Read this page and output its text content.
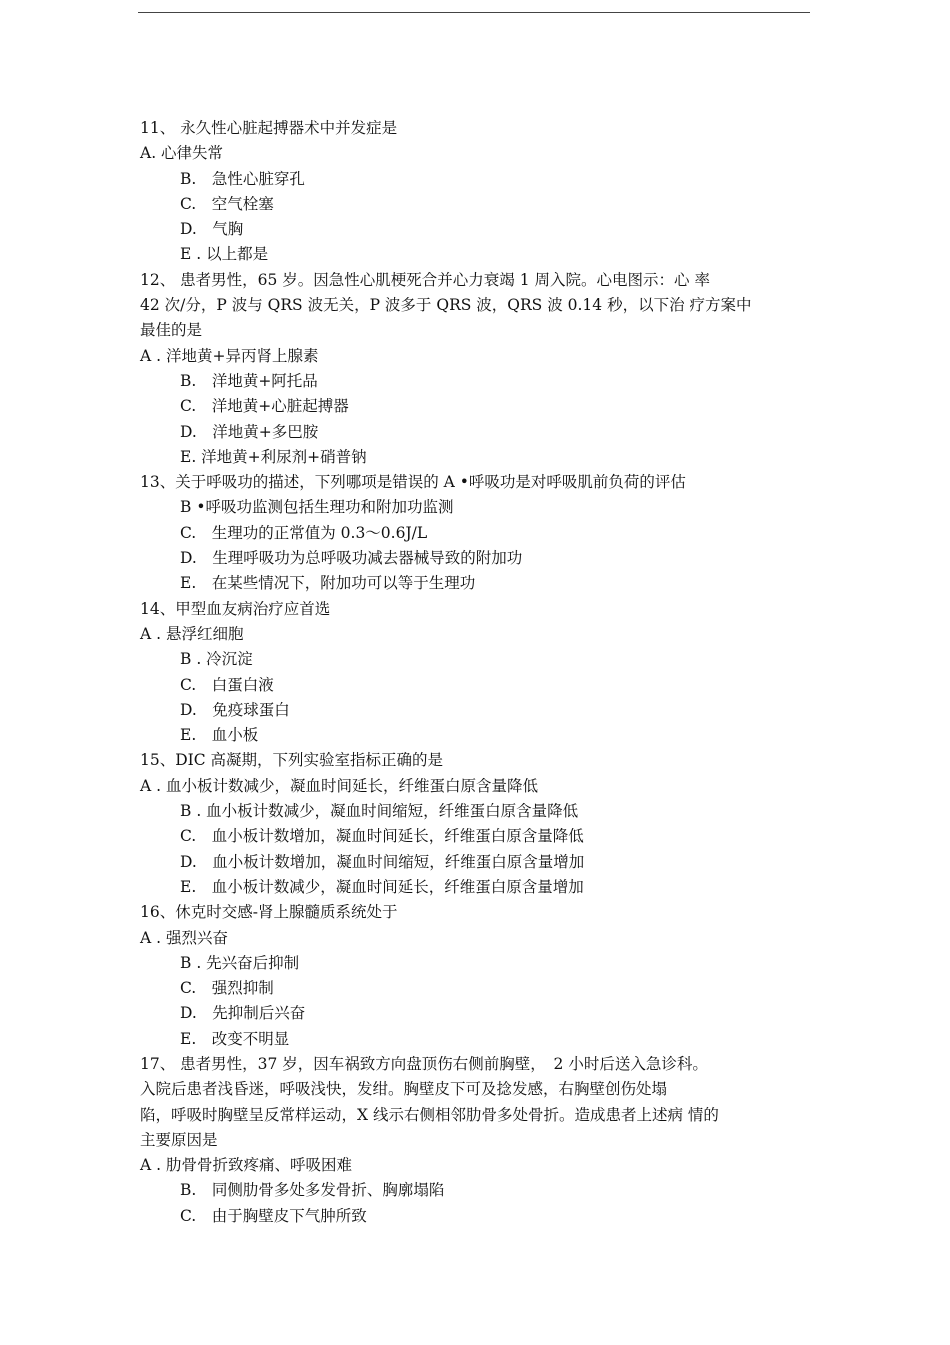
11、 永久性心脏起搏器术中并发症是
A. 心律失常
B.　急性心脏穿孔
C.　空气栓塞
D.　气胸
E . 以上都是
12、 患者男性，65 岁。因急性心肌梗死合并心力衰竭 1 周入院。心电图示：心 率
42 次/分，P 波与 QRS 波无关，P 波多于 QRS 波，QRS 波 0.14 秒，以下治 疗方案中
最佳的是
A . 洋地黄+异丙肾上腺素
B.　洋地黄+阿托品
C.　洋地黄+心脏起搏器
D.　洋地黄+多巴胺
E. 洋地黄+利尿剂+硝普钠
13、关于呼吸功的描述，下列哪项是错误的 A •呼吸功是对呼吸肌前负荷的评估
B •呼吸功监测包括生理功和附加功监测
C.　生理功的正常值为 0.3〜0.6J/L
D.　生理呼吸功为总呼吸功减去器械导致的附加功
E.　在某些情况下，附加功可以等于生理功
14、甲型血友病治疗应首选
A . 悬浮红细胞
B . 冷沉淀
C.　白蛋白液
D.　免疫球蛋白
E.　血小板
15、DIC 高凝期，下列实验室指标正确的是
A . 血小板计数减少，凝血时间延长，纤维蛋白原含量降低
B . 血小板计数减少，凝血时间缩短，纤维蛋白原含量降低
C.　血小板计数增加，凝血时间延长，纤维蛋白原含量降低
D.　血小板计数增加，凝血时间缩短，纤维蛋白原含量增加
E.　血小板计数减少，凝血时间延长，纤维蛋白原含量增加
16、休克时交感-肾上腺髓质系统处于
A . 强烈兴奋
B . 先兴奋后抑制
C.　强烈抑制
D.　先抑制后兴奋
E.　改变不明显
17、 患者男性，37 岁，因车祸致方向盘顶伤右侧前胸壁，　2 小时后送入急诊科。
入院后患者浅昏迷，呼吸浅快，发绀。胸壁皮下可及捻发感，右胸壁创伤处塌
陷，呼吸时胸壁呈反常样运动，X 线示右侧相邻肋骨多处骨折。造成患者上述病 情的
主要原因是
A . 肋骨骨折致疼痛、呼吸困难
B.　同侧肋骨多处多发骨折、胸廓塌陷
C.　由于胸壁皮下气肿所致
